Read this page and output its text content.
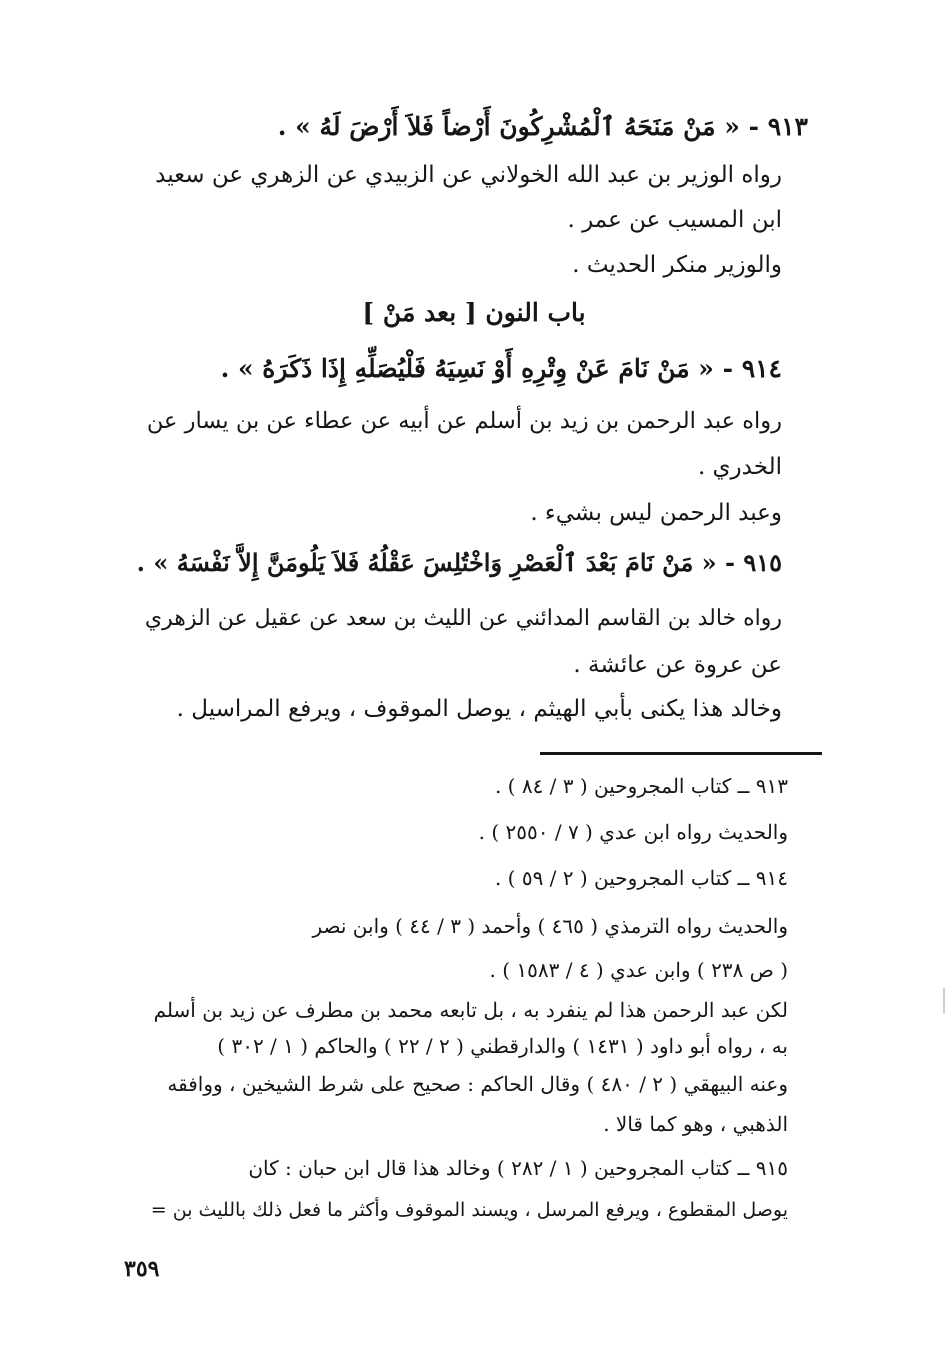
٩١٣ - « مَنْ مَنَحَهُ ٱلْمُشْرِكُونَ أَرْضاً فَلاَ أَرْضَ لَهُ » .
رواه الوزير بن عبد الله الخولاني عن الزبيدي عن الزهري عن سعيد
ابن المسيب عن عمر .
والوزير منكر الحديث .
باب النون [ بعد مَنْ ]
٩١٤ - « مَنْ نَامَ عَنْ وِتْرِهِ أَوْ نَسِيَهُ فَلْيُصَلِّهِ إِذَا ذَكَرَهُ » .
رواه عبد الرحمن بن زيد بن أسلم عن أبيه عن عطاء عن بن يسار عن
الخدري .
وعبد الرحمن ليس بشيء .
٩١٥ - « مَنْ نَامَ بَعْدَ ٱلْعَصْرِ وَاخْتُلِسَ عَقْلُهُ فَلاَ يَلُومَنَّ إِلاَّ نَفْسَهُ » .
رواه خالد بن القاسم المدائني عن الليث بن سعد عن عقيل عن الزهري
عن عروة عن عائشة .
وخالد هذا يكنى بأبي الهيثم ، يوصل الموقوف ، ويرفع المراسيل .
٩١٣ ــ كتاب المجروحين ( ٣ / ٨٤ ) .
والحديث رواه ابن عدي ( ٧ / ٢٥٥٠ ) .
٩١٤ ــ كتاب المجروحين ( ٢ / ٥٩ ) .
والحديث رواه الترمذي ( ٤٦٥ ) وأحمد ( ٣ / ٤٤ ) وابن نصر
( ص ٢٣٨ ) وابن عدي ( ٤ / ١٥٨٣ ) .
لكن عبد الرحمن هذا لم ينفرد به ، بل تابعه محمد بن مطرف عن زيد بن أسلم
به ، رواه أبو داود ( ١٤٣١ ) والدارقطني ( ٢ / ٢٢ ) والحاكم ( ١ / ٣٠٢ )
وعنه البيهقي ( ٢ / ٤٨٠ ) وقال الحاكم : صحيح على شرط الشيخين ، ووافقه
الذهبي ، وهو كما قالا .
٩١٥ ــ كتاب المجروحين ( ١ / ٢٨٢ ) وخالد هذا قال ابن حبان : كان
يوصل المقطوع ، ويرفع المرسل ، ويسند الموقوف وأكثر ما فعل ذلك بالليث بن =
٣٥٩
